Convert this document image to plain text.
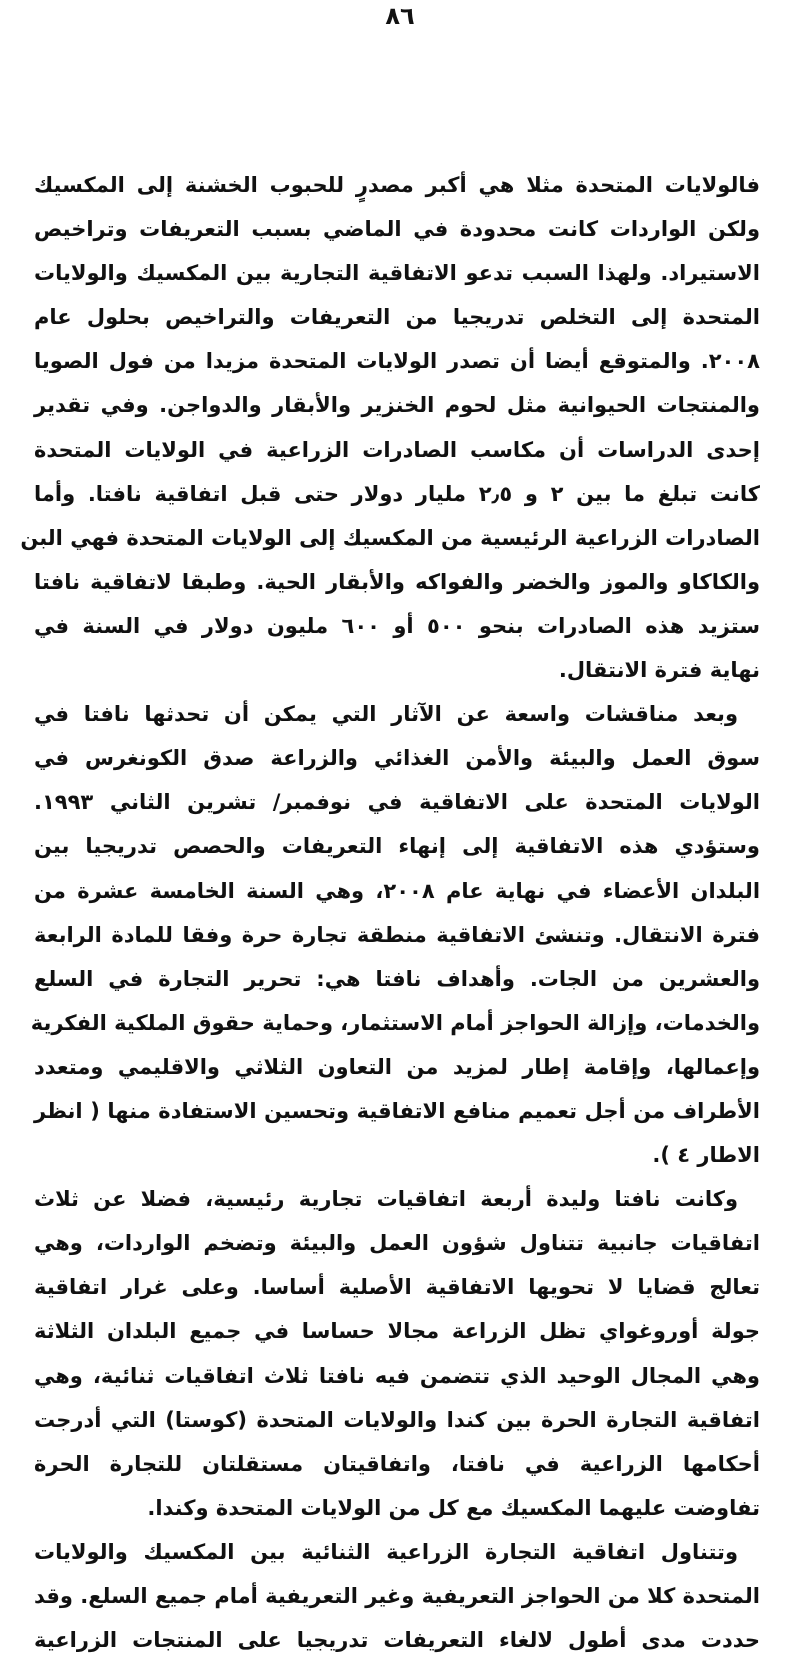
٨٦
فالولايات المتحدة مثلا هي أكبر مصدرٍ للحبوب الخشنة إلى المكسيك
ولكن الواردات كانت محدودة في الماضي بسبب التعريفات وتراخيص
الاستيراد. ولهذا السبب تدعو الاتفاقية التجارية بين المكسيك والولايات
المتحدة إلى التخلص تدريجيا من التعريفات والتراخيص بحلول عام
٢٠٠٨. والمتوقع أيضا أن تصدر الولايات المتحدة مزيدا من فول الصويا
والمنتجات الحيوانية مثل لحوم الخنزير والأبقار والدواجن. وفي تقدير
إحدى الدراسات أن مكاسب الصادرات الزراعية في الولايات المتحدة
كانت تبلغ ما بين ٢ و ٢٫٥ مليار دولار حتى قبل اتفاقية نافتا. وأما
الصادرات الزراعية الرئيسية من المكسيك إلى الولايات المتحدة فهي البن
والكاكاو والموز والخضر والفواكه والأبقار الحية. وطبقا لاتفاقية نافتا
ستزيد هذه الصادرات بنحو ٥٠٠ أو ٦٠٠ مليون دولار في السنة في
نهاية فترة الانتقال.
وبعد مناقشات واسعة عن الآثار التي يمكن أن تحدثها نافتا في
سوق العمل والبيئة والأمن الغذائي والزراعة صدق الكونغرس في
الولايات المتحدة على الاتفاقية في نوفمبر/ تشرين الثاني ١٩٩٣.
وستؤدي هذه الاتفاقية إلى إنهاء التعريفات والحصص تدريجيا بين
البلدان الأعضاء في نهاية عام ٢٠٠٨، وهي السنة الخامسة عشرة من
فترة الانتقال. وتنشئ الاتفاقية منطقة تجارة حرة وفقا للمادة الرابعة
والعشرين من الجات. وأهداف نافتا هي: تحرير التجارة في السلع
والخدمات، وإزالة الحواجز أمام الاستثمار، وحماية حقوق الملكية الفكرية
وإعمالها، وإقامة إطار لمزيد من التعاون الثلاثي والاقليمي ومتعدد
الأطراف من أجل تعميم منافع الاتفاقية وتحسين الاستفادة منها ( انظر
الاطار ٤ ).
وكانت نافتا وليدة أربعة اتفاقيات تجارية رئيسية، فضلا عن ثلاث
اتفاقيات جانبية تتناول شؤون العمل والبيئة وتضخم الواردات، وهي
تعالج قضايا لا تحويها الاتفاقية الأصلية أساسا. وعلى غرار اتفاقية
جولة أوروغواي تظل الزراعة مجالا حساسا في جميع البلدان الثلاثة
وهي المجال الوحيد الذي تتضمن فيه نافتا ثلاث اتفاقيات ثنائية، وهي
اتفاقية التجارة الحرة بين كندا والولايات المتحدة (كوستا) التي أدرجت
أحكامها الزراعية في نافتا، واتفاقيتان مستقلتان للتجارة الحرة
تفاوضت عليهما المكسيك مع كل من الولايات المتحدة وكندا.
وتتناول اتفاقية التجارة الزراعية الثنائية بين المكسيك والولايات
المتحدة كلا من الحواجز التعريفية وغير التعريفية أمام جميع السلع. وقد
حددت مدى أطول لالغاء التعريفات تدريجيا على المنتجات الزراعية
